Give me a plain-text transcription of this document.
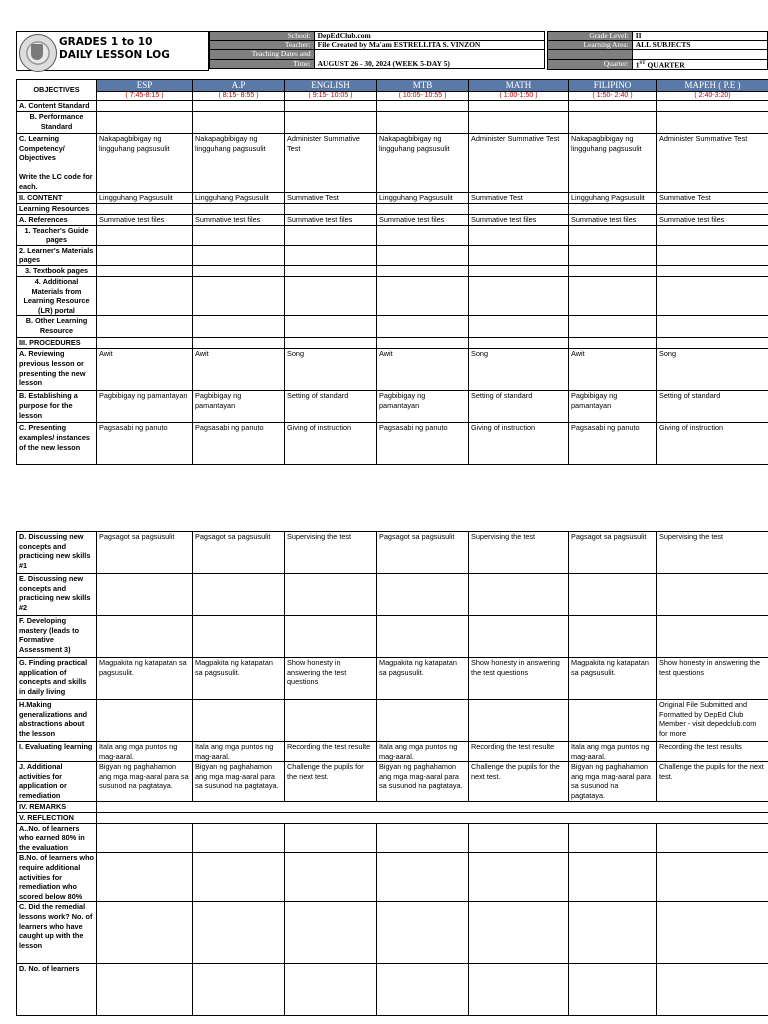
GRADES 1 to 10
DAILY LESSON LOG
School:	DepEdClub.com
Teacher:	File Created by Ma'am ESTRELLITA S. VINZON
Teaching Dates and	AUGUST 26 - 30, 2024 (WEEK 5-DAY 5)
Time:	
Grade Level:	II
Learning Area:	ALL SUBJECTS

Quarter:	1ST QUARTER
OBJECTIVES	ESP	A.P	ENGLISH	MTB	MATH	FILIPINO	MAPEH ( P.E )
	( 7:45-8:15 )	( 8:15- 8:55 )	( 9:15- 10:05 )	( 10:05- 10:55 )	( 1:00-1:50 )	( 1:50- 2:40 )	( 2:40-3:20)
A. Content Standard							
B. Performance Standard							
C. Learning Competency/ Objectives

Write the LC code for each.	Nakapagbibigay ng lingguhang pagsusulit	Nakapagbibigay ng lingguhang pagsusulit	Administer Summative Test	Nakapagbibigay ng lingguhang pagsusulit	Administer Summative Test	Nakapagbibigay ng lingguhang pagsusulit	Administer Summative Test
II. CONTENT	Lingguhang Pagsusulit	Lingguhang Pagsusulit	Summative Test	Lingguhang Pagsusulit	Summative Test	Lingguhang Pagsusulit	Summative Test
Learning Resources							
A. References	Summative test files	Summative test files	Summative test files	Summative test files	Summative test files	Summative test files	Summative test files
1. Teacher's Guide pages							
2. Learner's Materials pages							
3. Textbook pages							
4. Additional Materials from Learning Resource (LR) portal							
B. Other Learning Resource							
III. PROCEDURES							
A. Reviewing previous lesson or presenting the new lesson	Awit	Awit	Song	Awit	Song	Awit	Song
B. Establishing a purpose for the lesson	Pagbibigay ng pamantayan	Pagbibigay ng pamantayan	Setting of standard	Pagbibigay ng pamantayan	Setting of standard	Pagbibigay ng pamantayan	Setting of standard
C. Presenting examples/ instances of the new lesson	Pagsasabi ng panuto	Pagsasabi ng panuto	Giving of instruction	Pagsasabi ng panuto	Giving of instruction	Pagsasabi ng panuto	Giving of instruction
D. Discussing new concepts and practicing new skills #1	Pagsagot sa pagsusulit	Pagsagot sa pagsusulit	Supervising the test	Pagsagot sa pagsusulit	Supervising the test	Pagsagot sa pagsusulit	Supervising the test
E. Discussing new concepts and practicing new skills #2							
F. Developing mastery (leads to Formative Assessment 3)							
G. Finding practical application of concepts and skills in daily living	Magpakita ng katapatan sa pagsusulit.	Magpakita ng katapatan sa pagsusulit.	Show honesty in answering the test questions	Magpakita ng katapatan sa pagsusulit.	Show honesty in answering the test questions	Magpakita ng katapatan sa pagsusulit.	Show honesty in answering the test questions
H.Making generalizations and abstractions about the lesson							Original File Submitted and Formatted by DepEd Club Member - visit depedclub.com for more
I. Evaluating learning	Itala ang mga puntos ng mag-aaral.	Itala ang mga puntos ng mag-aaral.	Recording the test resulte	Itala ang mga puntos ng mag-aaral.	Recording the test resulte	Itala ang mga puntos ng mag-aaral.	Recording the test results
J. Additional activities for application or remediation	Bigyan ng paghahamon ang mga mag-aaral para sa susunod na pagtataya.	Bigyan ng paghahamon ang mga mag-aaral para sa susunod na pagtataya.	Challenge the pupils for the next test.	Bigyan ng paghahamon ang mga mag-aaral para sa susunod na pagtataya.	Challenge the pupils for the next test.	Bigyan ng paghahamon ang mga mag-aaral para sa susunod na pagtataya.	Challenge the pupils for the next test.
IV. REMARKS							
V. REFLECTION							
A..No. of learners who earned 80% in the evaluation							
B.No. of learners who require additional activities for remediation who scored below 80%							
C. Did the remedial lessons work? No. of learners who have caught up with the lesson							
D. No. of learners							
